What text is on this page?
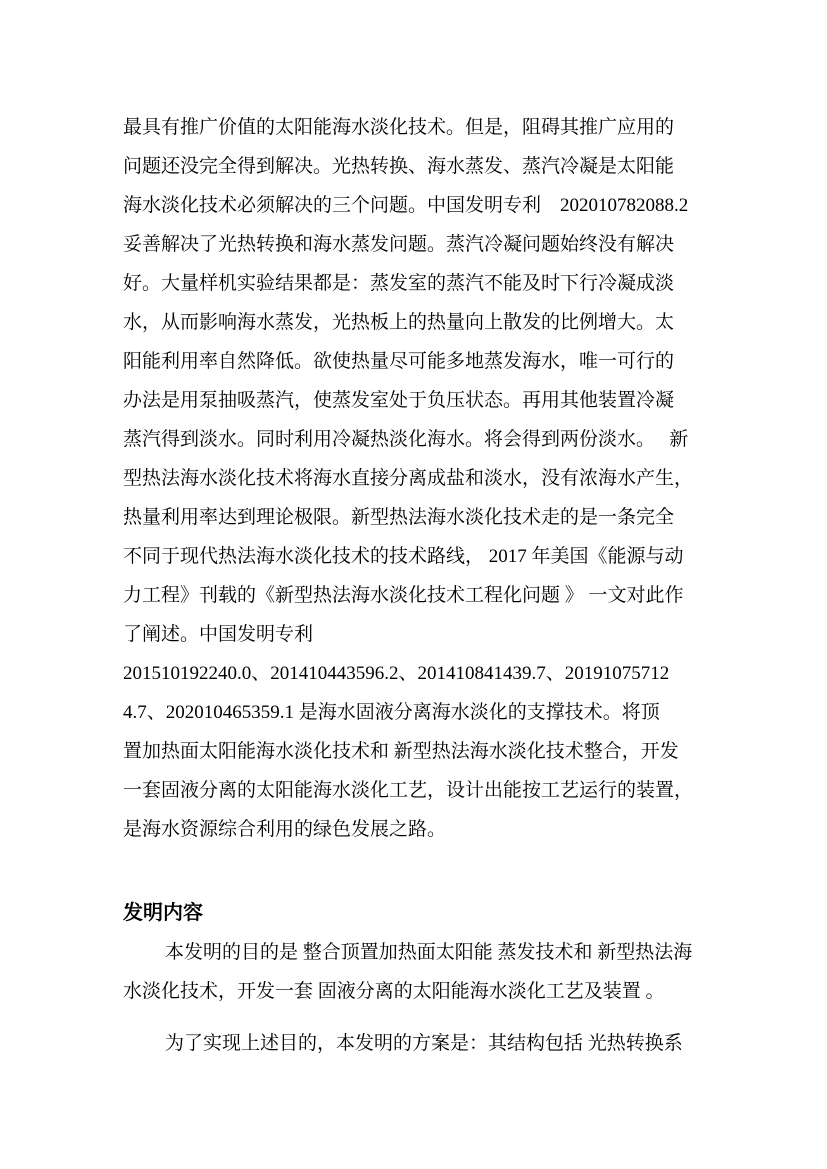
最具有推广价值的太阳能海水淡化技术。但是，阻碍其推广应用的
问题还没完全得到解决。光热转换、海水蒸发、蒸汽冷凝是太阳能
海水淡化技术必须解决的三个问题。中国发明专利　202010782088.2
妥善解决了光热转换和海水蒸发问题。蒸汽冷凝问题始终没有解决
好。大量样机实验结果都是：蒸发室的蒸汽不能及时下行冷凝成淡
水，从而影响海水蒸发，光热板上的热量向上散发的比例增大。太
阳能利用率自然降低。欲使热量尽可能多地蒸发海水，唯一可行的
办法是用泵抽吸蒸汽，使蒸发室处于负压状态。再用其他装置冷凝
蒸汽得到淡水。同时利用冷凝热淡化海水。将会得到两份淡水。　 新
型热法海水淡化技术将海水直接分离成盐和淡水，没有浓海水产生，
热量利用率达到理论极限。新型热法海水淡化技术走的是一条完全
不同于现代热法海水淡化技术的技术路线， 2017 年美国《能源与动
力工程》刊载的《新型热法海水淡化技术工程化问题 》 一文对此作
了阐述。中国发明专利
201510192240.0、201410443596.2、201410841439.7、20191075712
4.7、202010465359.1 是海水固液分离海水淡化的支撑技术。将顶
置加热面太阳能海水淡化技术和 新型热法海水淡化技术整合，开发
一套固液分离的太阳能海水淡化工艺，设计出能按工艺运行的装置，
是海水资源综合利用的绿色发展之路。
发明内容
本发明的目的是 整合顶置加热面太阳能 蒸发技术和 新型热法海
水淡化技术，开发一套 固液分离的太阳能海水淡化工艺及装置 。
为了实现上述目的，本发明的方案是：其结构包括 光热转换系
